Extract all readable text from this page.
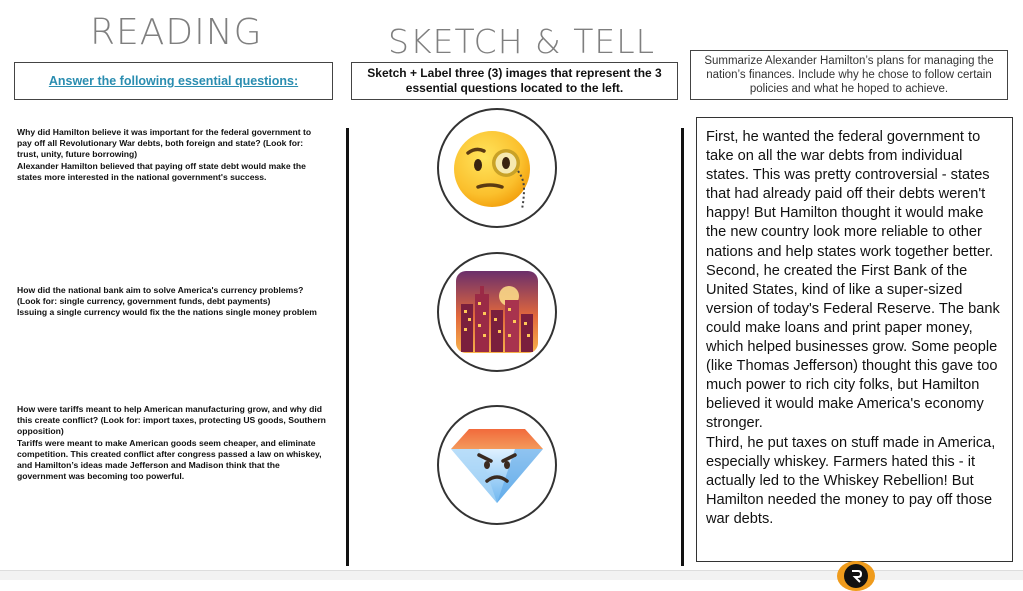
READING	SKETCH & TELL
Answer the following essential questions:
Sketch + Label three (3) images that represent the 3 essential questions located to the left.
Summarize Alexander Hamilton’s plans for managing the nation’s finances. Include why he chose to follow certain policies and what he hoped to achieve.
Why did Hamilton believe it was important for the federal government to pay off all Revolutionary War debts, both foreign and state? (Look for: trust, unity, future borrowing)
Alexander Hamilton believed that paying off state debt would make the states more interested in the national government's success.
How did the national bank aim to solve America's currency problems? (Look for: single currency, government funds, debt payments)
Issuing a single currency would fix the the nations single money problem
How were tariffs meant to help American manufacturing grow, and why did this create conflict? (Look for: import taxes, protecting US goods, Southern opposition)
Tariffs were meant to make American goods seem cheaper, and eliminate competition. This created conflict after congress passed a law on whiskey, and Hamilton’s ideas made Jefferson and Madison think that the government was becoming too powerful.

First, he wanted the federal government to take on all the war debts from individual states. This was pretty controversial - states that had already paid off their debts weren't happy! But Hamilton thought it would make the new country look more reliable to other nations and help states work together better.

Second, he created the First Bank of the United States, kind of like a super-sized version of today's Federal Reserve. The bank could make loans and print paper money, which helped businesses grow. Some people (like Thomas Jefferson) thought this gave too much power to rich city folks, but Hamilton believed it would make America's economy stronger.

Third, he put taxes on stuff made in America, especially whiskey. Farmers hated this - it actually led to the Whiskey Rebellion! But Hamilton needed the money to pay off those war debts.
